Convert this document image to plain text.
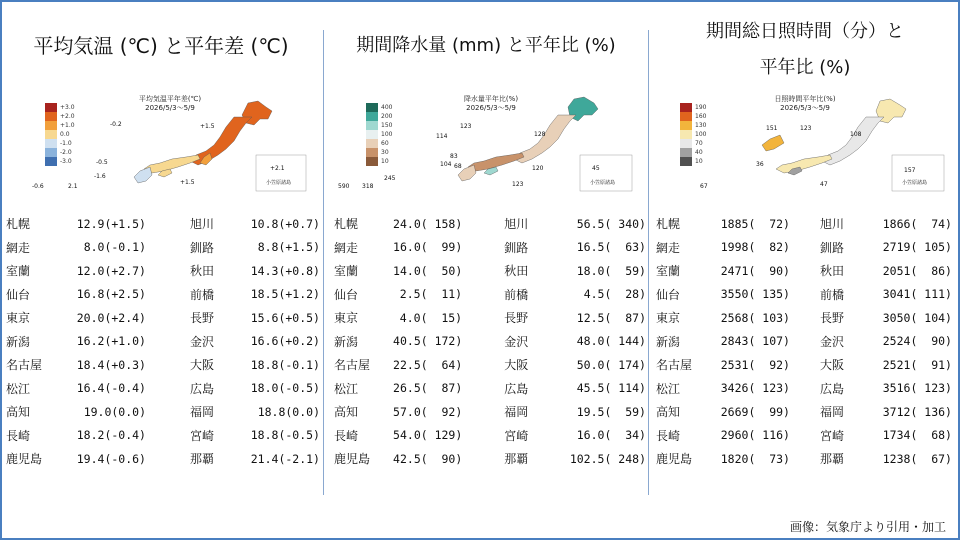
平均気温 (℃) と平年差 (℃)
+3.0
+2.0
+1.0
0.0
-1.0
-2.0
-3.0
平均気温平年差(℃)
2026/5/3〜5/9
+1.5
+2.1
+1.5
-0.2
-0.5
-0.6	2.1
-1.6
小笠原諸島
札幌	12.9(+1.5)	旭川	10.8(+0.7)
網走	8.0(-0.1)	釧路	8.8(+1.5)
室蘭	12.0(+2.7)	秋田	14.3(+0.8)
仙台	16.8(+2.5)	前橋	18.5(+1.2)
東京	20.0(+2.4)	長野	15.6(+0.5)
新潟	16.2(+1.0)	金沢	16.6(+0.2)
名古屋	18.4(+0.3)	大阪	18.8(-0.1)
松江	16.4(-0.4)	広島	18.0(-0.5)
高知	19.0(0.0)	福岡	18.8(0.0)
長崎	18.2(-0.4)	宮崎	18.8(-0.5)
鹿児島	19.4(-0.6)	那覇	21.4(-2.1)
期間降水量 (mm) と平年比 (%)
400
200
150
100
60
30
10
降水量平年比(%)
2026/5/3〜5/9
123
114	128
104
83
68
245
120	45
123
590 318	小笠原諸島
札幌	24.0( 158)	旭川	56.5( 340)
網走	16.0(  99)	釧路	16.5(  63)
室蘭	14.0(  50)	秋田	18.0(  59)
仙台	2.5(  11)	前橋	4.5(  28)
東京	4.0(  15)	長野	12.5(  87)
新潟	40.5( 172)	金沢	48.0( 144)
名古屋	22.5(  64)	大阪	50.0( 174)
松江	26.5(  87)	広島	45.5( 114)
高知	57.0(  92)	福岡	19.5(  59)
長崎	54.0( 129)	宮崎	16.0(  34)
鹿児島	42.5(  90)	那覇	102.5( 248)
期間総日照時間（分）と
平年比 (%)
190
160
130
100
70
40
10
日照時間平年比(%)
2026/5/3〜5/9
151	123
36
108
67	47
157
小笠原諸島
札幌	1885(  72)	旭川	1866(  74)
網走	1998(  82)	釧路	2719( 105)
室蘭	2471(  90)	秋田	2051(  86)
仙台	3550( 135)	前橋	3041( 111)
東京	2568( 103)	長野	3050( 104)
新潟	2843( 107)	金沢	2524(  90)
名古屋	2531(  92)	大阪	2521(  91)
松江	3426( 123)	広島	3516( 123)
高知	2669(  99)	福岡	3712( 136)
長崎	2960( 116)	宮崎	1734(  68)
鹿児島	1820(  73)	那覇	1238(  67)
画像：気象庁より引用・加工
